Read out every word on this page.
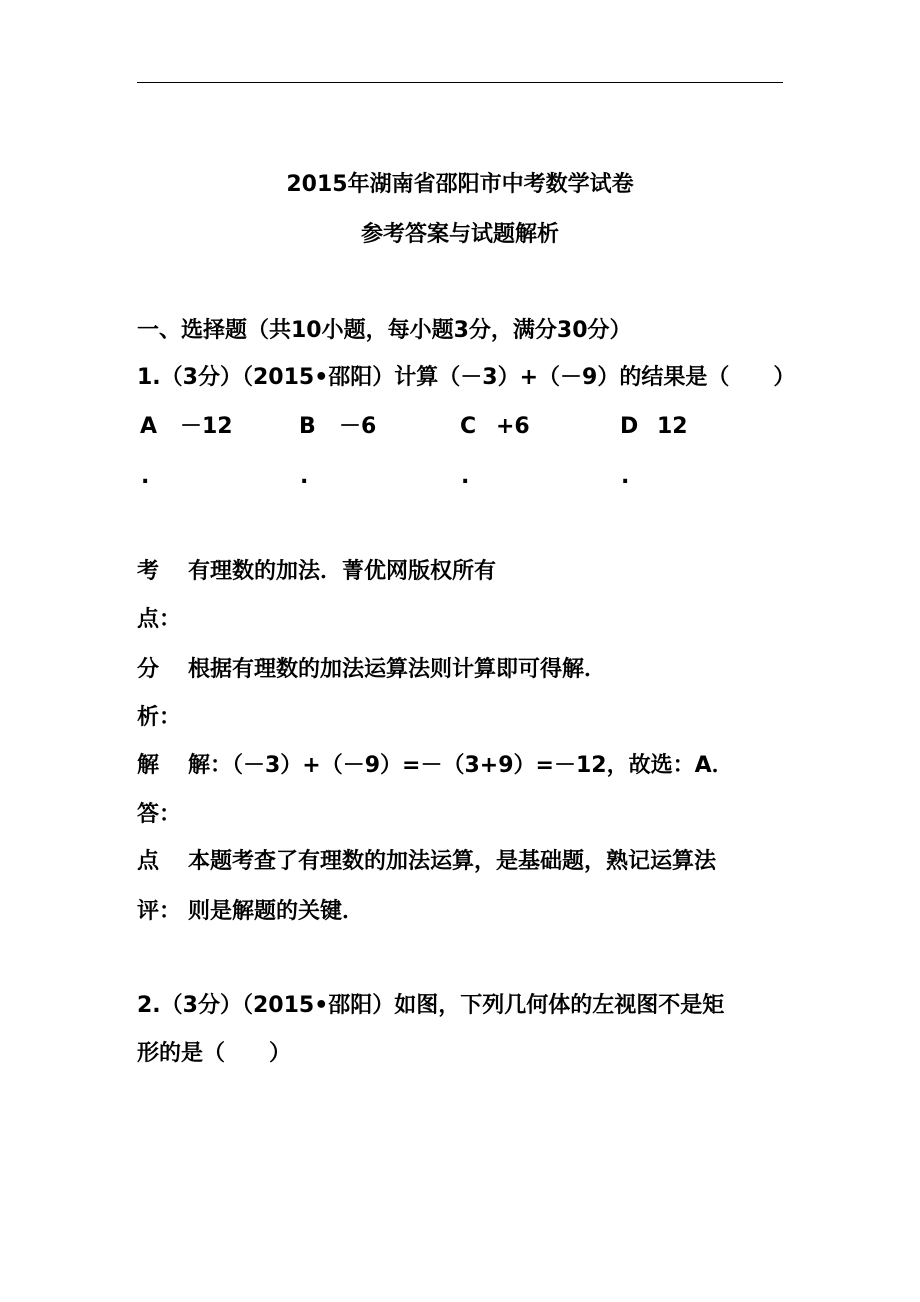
2015年湖南省邵阳市中考数学试卷
参考答案与试题解析
一、选择题（共10小题，每小题3分，满分30分）
1.（3分）（2015•邵阳）计算（－3）+（－9）的结果是（　　）
A －12
.
B －6
.
C +6
.
D 12
.
考 有理数的加法．菁优网版权所有
点：
分 根据有理数的加法运算法则计算即可得解．
析：
解 解：（－3）+（－9）=－（3+9）=－12，故选：A．
答：
点 本题考查了有理数的加法运算，是基础题，熟记运算法
评： 则是解题的关键．
2.（3分）（2015•邵阳）如图，下列几何体的左视图不是矩
形的是（　　）
